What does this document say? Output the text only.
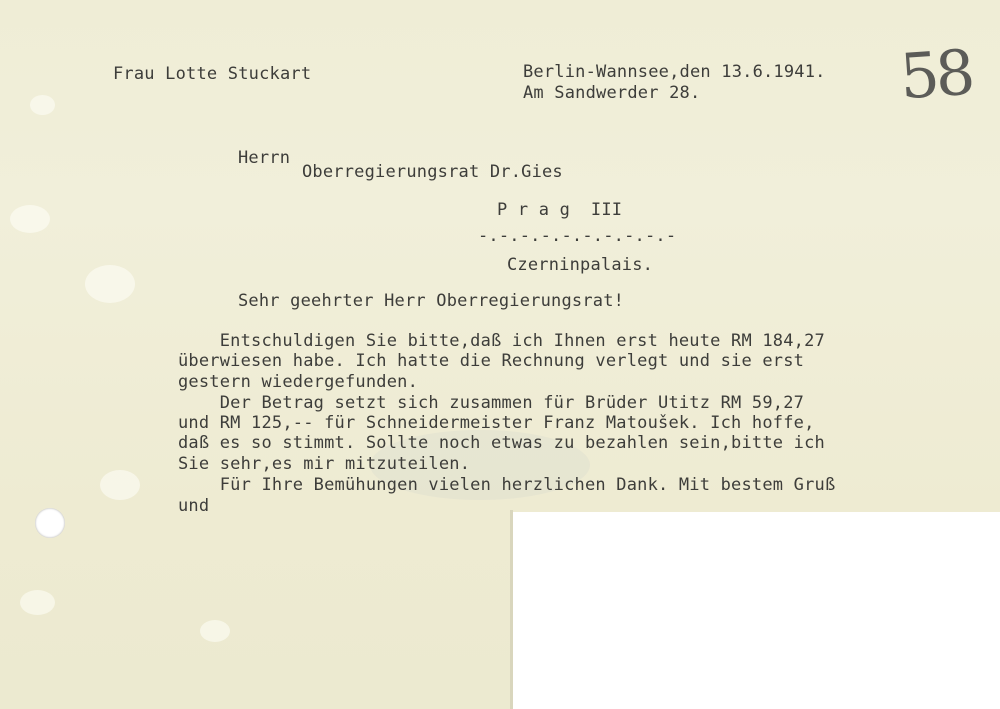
Frau Lotte Stuckart	Berlin-Wannsee,den 13.6.1941.
Am Sandwerder 28.	58
Herrn
Oberregierungsrat Dr.Gies
P r a g  III
-.-.-.-.-.-.-.-.-.-
Czerninpalais.
Sehr geehrter Herr Oberregierungsrat!
Entschuldigen Sie bitte,daß ich Ihnen erst heute RM 184,27
überwiesen habe. Ich hatte die Rechnung verlegt und sie erst
gestern wiedergefunden.
Der Betrag setzt sich zusammen für Brüder Utitz RM 59,27
und RM 125,-- für Schneidermeister Franz Matoušek. Ich hoffe,
daß es so stimmt. Sollte noch etwas zu bezahlen sein,bitte ich
Sie sehr,es mir mitzuteilen.
Für Ihre Bemühungen vielen herzlichen Dank. Mit bestem Gruß
und
